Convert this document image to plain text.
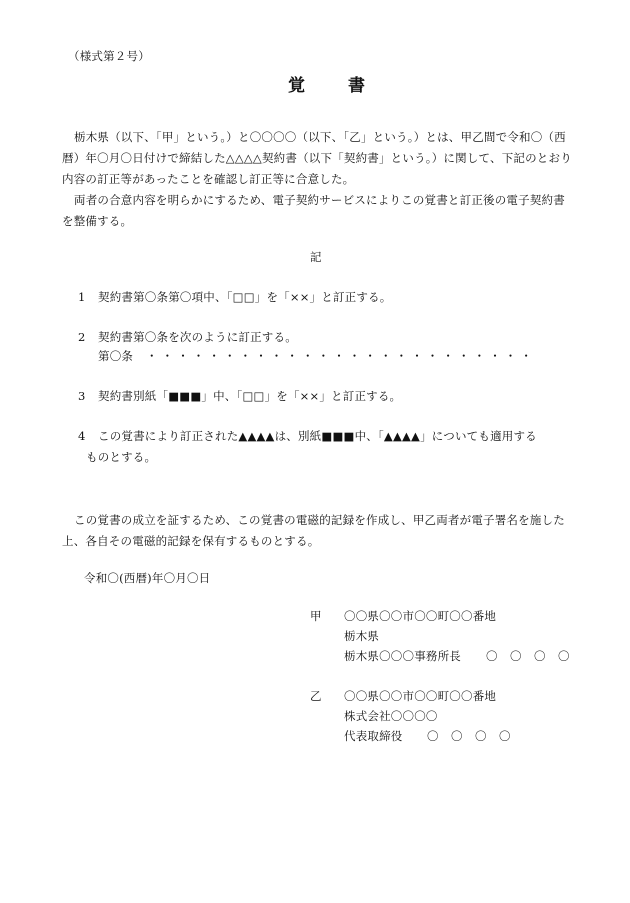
（様式第２号）
覚　書
栃木県（以下、「甲」という。）と〇〇〇〇（以下、「乙」という。）とは、甲乙間で令和〇（西暦）年〇月〇日付けで締結した△△△△契約書（以下「契約書」という。）に関して、下記のとおり内容の訂正等があったことを確認し訂正等に合意した。
両者の合意内容を明らかにするため、電子契約サービスによりこの覚書と訂正後の電子契約書を整備する。
記
1	契約書第〇条第〇項中、「□□」を「××」と訂正する。
2	契約書第〇条を次のように訂正する。
第〇条	・・・・・・・・・・・・・・・・・・・・・・・・・
3	契約書別紙「■■■」中、「□□」を「××」と訂正する。
4	この覚書により訂正された▲▲▲▲は、別紙■■■中、「▲▲▲▲」についても適用する
ものとする。
この覚書の成立を証するため、この覚書の電磁的記録を作成し、甲乙両者が電子署名を施した上、各自その電磁的記録を保有するものとする。
令和〇(西暦)年〇月〇日
甲 〇〇県〇〇市〇〇町〇〇番地
栃木県
栃木県〇〇〇事務所長 〇〇〇〇
乙 〇〇県〇〇市〇〇町〇〇番地
株式会社〇〇〇〇
代表取締役 〇〇〇〇
